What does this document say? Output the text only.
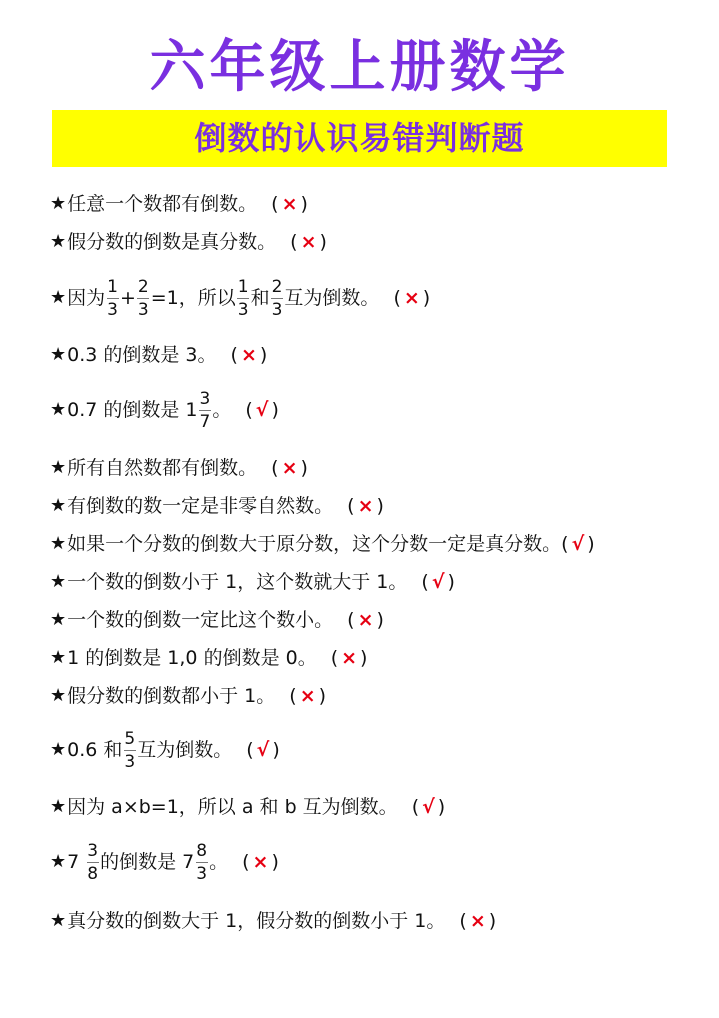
六年级上册数学
倒数的认识易错判断题
★ 任意一个数都有倒数。 ( × )
★ 假分数的倒数是真分数。 ( × )
★ 因为 $\frac{1}{3} + \frac{2}{3} =1$，所以 $\frac{1}{3}$ 和 $\frac{2}{3}$ 互为倒数。 ( × )
★ 0.3 的倒数是 3。 ( × )
★ 0.7 的倒数是 $1 \frac{3}{7}$ 。 ( √ )
★ 所有自然数都有倒数。 ( × )
★ 有倒数的数一定是非零自然数。 ( × )
★ 如果一个分数的倒数大于原分数，这个分数一定是真分数。 ( √ )
★ 一个数的倒数小于 1，这个数就大于 1。 ( √ )
★ 一个数的倒数一定比这个数小。 ( × )
★ 1 的倒数是 1,0 的倒数是 0。 ( × )
★ 假分数的倒数都小于 1。 ( × )
★ 0.6 和 $\frac{5}{3}$ 互为倒数。 ( √ )
★ 因为 a×b=1，所以 a 和 b 互为倒数。 ( √ )
★ $7 \frac{3}{8}$ 的倒数是 $7 \frac{8}{3}$ 。 ( × )
★ 真分数的倒数大于 1，假分数的倒数小于 1。 ( × )
